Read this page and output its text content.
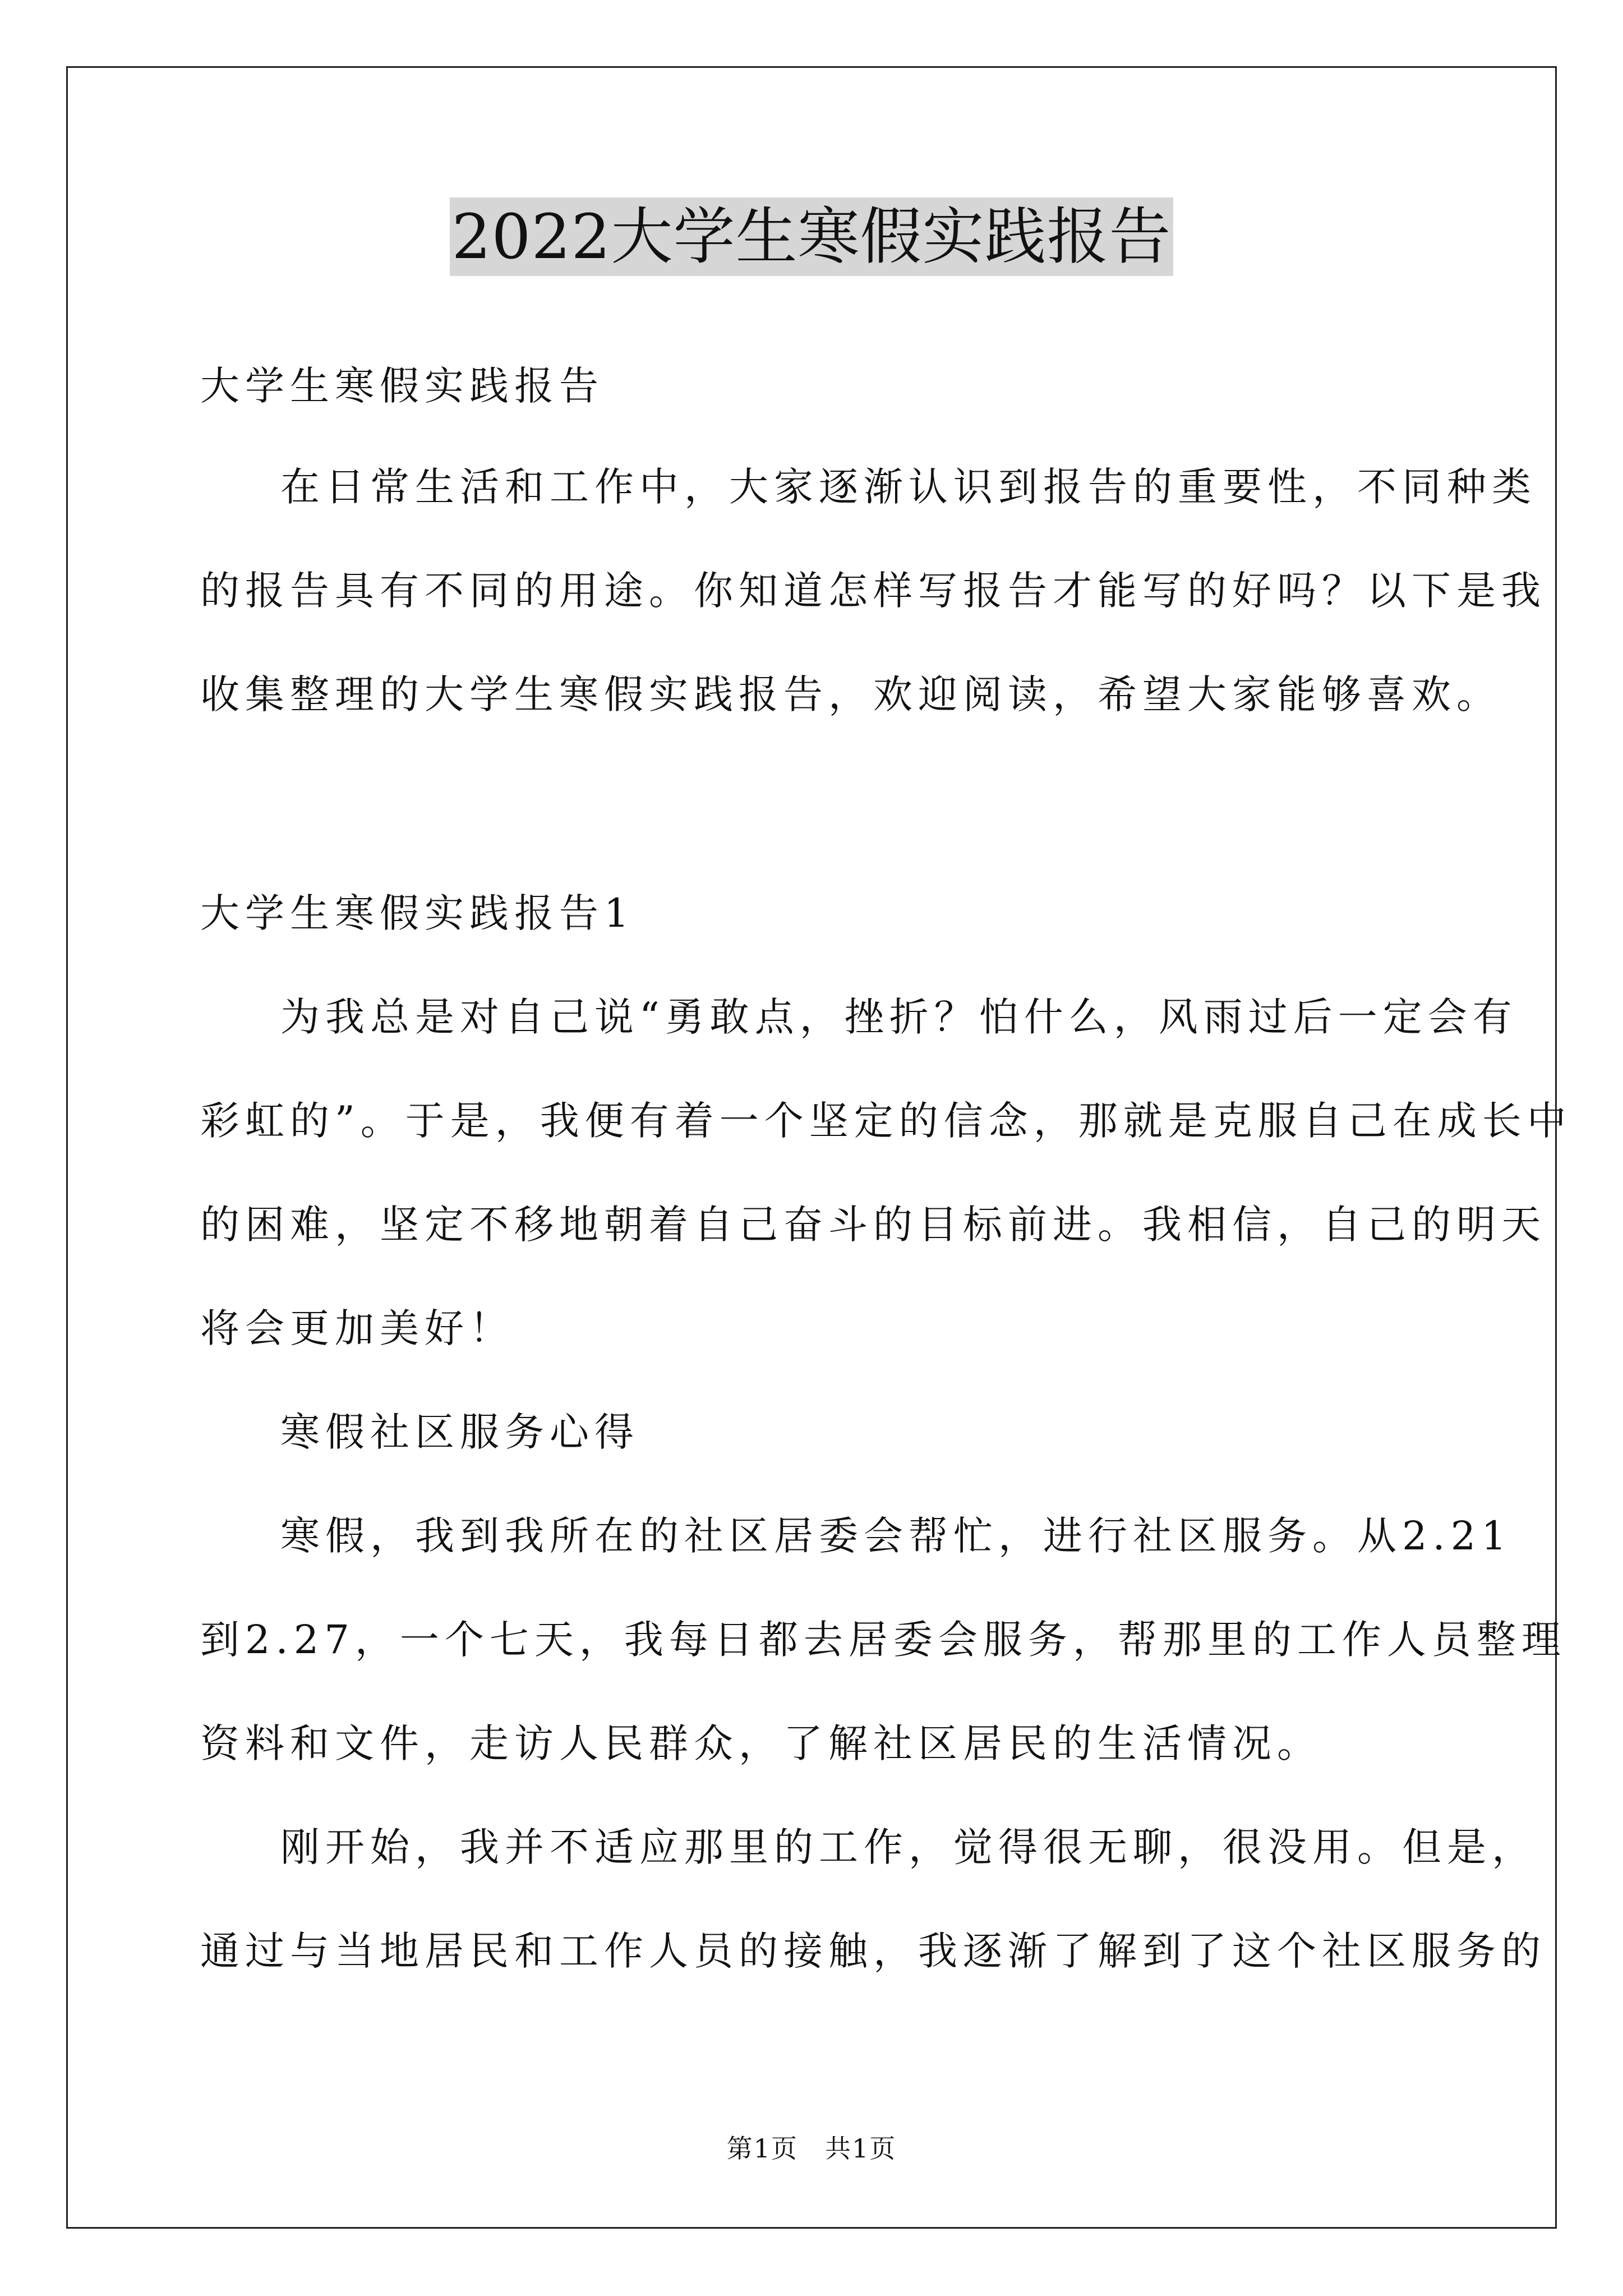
2022大学生寒假实践报告
大学生寒假实践报告
在日常生活和工作中，大家逐渐认识到报告的重要性，不同种类
的报告具有不同的用途。你知道怎样写报告才能写的好吗？以下是我
收集整理的大学生寒假实践报告，欢迎阅读，希望大家能够喜欢。
大学生寒假实践报告1
为我总是对自己说“勇敢点，挫折？怕什么，风雨过后一定会有
彩虹的”。于是，我便有着一个坚定的信念，那就是克服自己在成长中
的困难，坚定不移地朝着自己奋斗的目标前进。我相信，自己的明天
将会更加美好！
寒假社区服务心得
寒假，我到我所在的社区居委会帮忙，进行社区服务。从2.21
到2.27，一个七天，我每日都去居委会服务，帮那里的工作人员整理
资料和文件，走访人民群众，了解社区居民的生活情况。
刚开始，我并不适应那里的工作，觉得很无聊，很没用。但是，
通过与当地居民和工作人员的接触，我逐渐了解到了这个社区服务的
第1页　共1页
